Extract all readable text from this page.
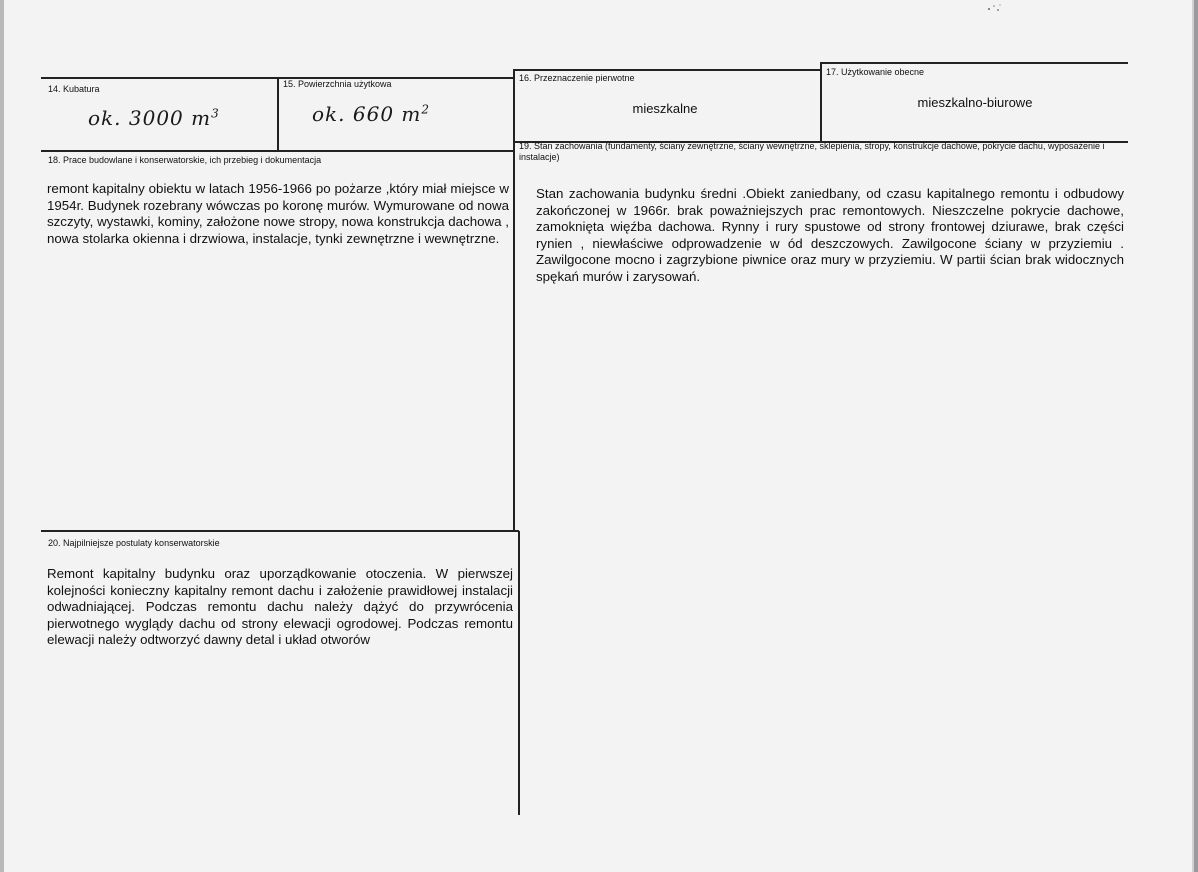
14. Kubatura
ok. 3000 $m^3$
15. Powierzchnia użytkowa
ok. 660 $m^2$
16. Przeznaczenie pierwotne
mieszkalne
17. Użytkowanie obecne
mieszkalno-biurowe
18. Prace budowlane i konserwatorskie, ich przebieg i dokumentacja
remont kapitalny obiektu w latach 1956-1966 po pożarze ,który miał miejsce w 1954r. Budynek rozebrany wówczas po koronę murów. Wymurowane od nowa szczyty, wystawki, kominy, założone nowe stropy, nowa konstrukcja dachowa , nowa stolarka okienna i drzwiowa, instalacje, tynki zewnętrzne i wewnętrzne.
19. Stan zachowania (fundamenty, ściany zewnętrzne, ściany wewnętrzne, sklepienia, stropy, konstrukcje dachowe, pokrycie dachu, wyposażenie i instalacje)
Stan zachowania budynku średni .Obiekt zaniedbany, od czasu kapitalnego remontu i odbudowy zakończonej w 1966r. brak poważniejszych prac remontowych. Nieszczelne pokrycie dachowe, zamoknięta więźba dachowa. Rynny i rury spustowe od strony frontowej dziurawe, brak części rynien , niewłaściwe odprowadzenie w ód deszczowych. Zawilgocone ściany w przyziemiu . Zawilgocone mocno i zagrzybione piwnice oraz mury w przyziemiu. W partii ścian brak widocznych spękań murów i zarysowań.
20. Najpilniejsze postulaty konserwatorskie
Remont kapitalny budynku oraz uporządkowanie otoczenia. W pierwszej kolejności konieczny kapitalny remont dachu i założenie prawidłowej instalacji odwadniającej. Podczas remontu dachu należy dążyć do przywrócenia pierwotnego wyglądy dachu od strony elewacji ogrodowej. Podczas remontu elewacji należy odtworzyć dawny detal i układ otworów
